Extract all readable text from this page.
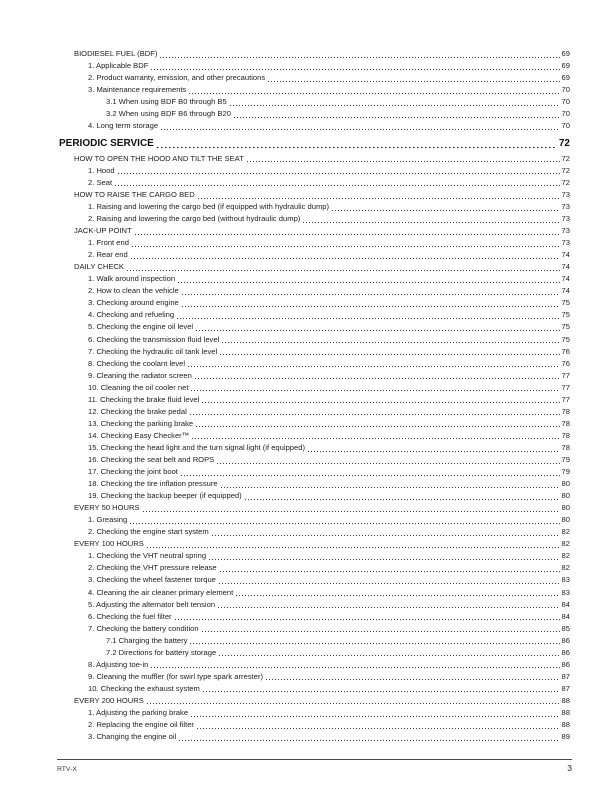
BIODIESEL FUEL (BDF)	69
1. Applicable BDF	69
2. Product warranty, emission, and other precautions	69
3. Maintenance requirements	70
3.1 When using BDF B0 through B5	70
3.2 When using BDF B6 through B20	70
4. Long term storage	70
PERIODIC SERVICE	72
HOW TO OPEN THE HOOD AND TILT THE SEAT	72
1. Hood	72
2. Seat	72
HOW TO RAISE THE CARGO BED	73
1. Raising and lowering the cargo bed (if equipped with hydraulic dump)	73
2. Raising and lowering the cargo bed (without hydraulic dump)	73
JACK-UP POINT	73
1. Front end	73
2. Rear end	74
DAILY CHECK	74
1. Walk around inspection	74
2. How to clean the vehicle	74
3. Checking around engine	75
4. Checking and refueling	75
5. Checking the engine oil level	75
6. Checking the transmission fluid level	75
7. Checking the hydraulic oil tank level	76
8. Checking the coolant level	76
9. Cleaning the radiator screen	77
10. Cleaning the oil cooler net	77
11. Checking the brake fluid level	77
12. Checking the brake pedal	78
13. Checking the parking brake	78
14. Checking Easy Checker™	78
15. Checking the head light and the turn signal light (if equipped)	78
16. Checking the seat belt and ROPS	79
17. Checking the joint boot	79
18. Checking the tire inflation pressure	80
19. Checking the backup beeper (if equipped)	80
EVERY 50 HOURS	80
1. Greasing	80
2. Checking the engine start system	82
EVERY 100 HOURS	82
1. Checking the VHT neutral spring	82
2. Checking the VHT pressure release	82
3. Checking the wheel fastener torque	83
4. Cleaning the air cleaner primary element	83
5. Adjusting the alternator belt tension	84
6. Checking the fuel filter	84
7. Checking the battery condition	85
7.1 Charging the battery	86
7.2 Directions for battery storage	86
8. Adjusting toe-in	86
9. Cleaning the muffler (for swirl type spark arrester)	87
10. Checking the exhaust system	87
EVERY 200 HOURS	88
1. Adjusting the parking brake	88
2. Replacing the engine oil filter	88
3. Changing the engine oil	89
RTV-X	3
